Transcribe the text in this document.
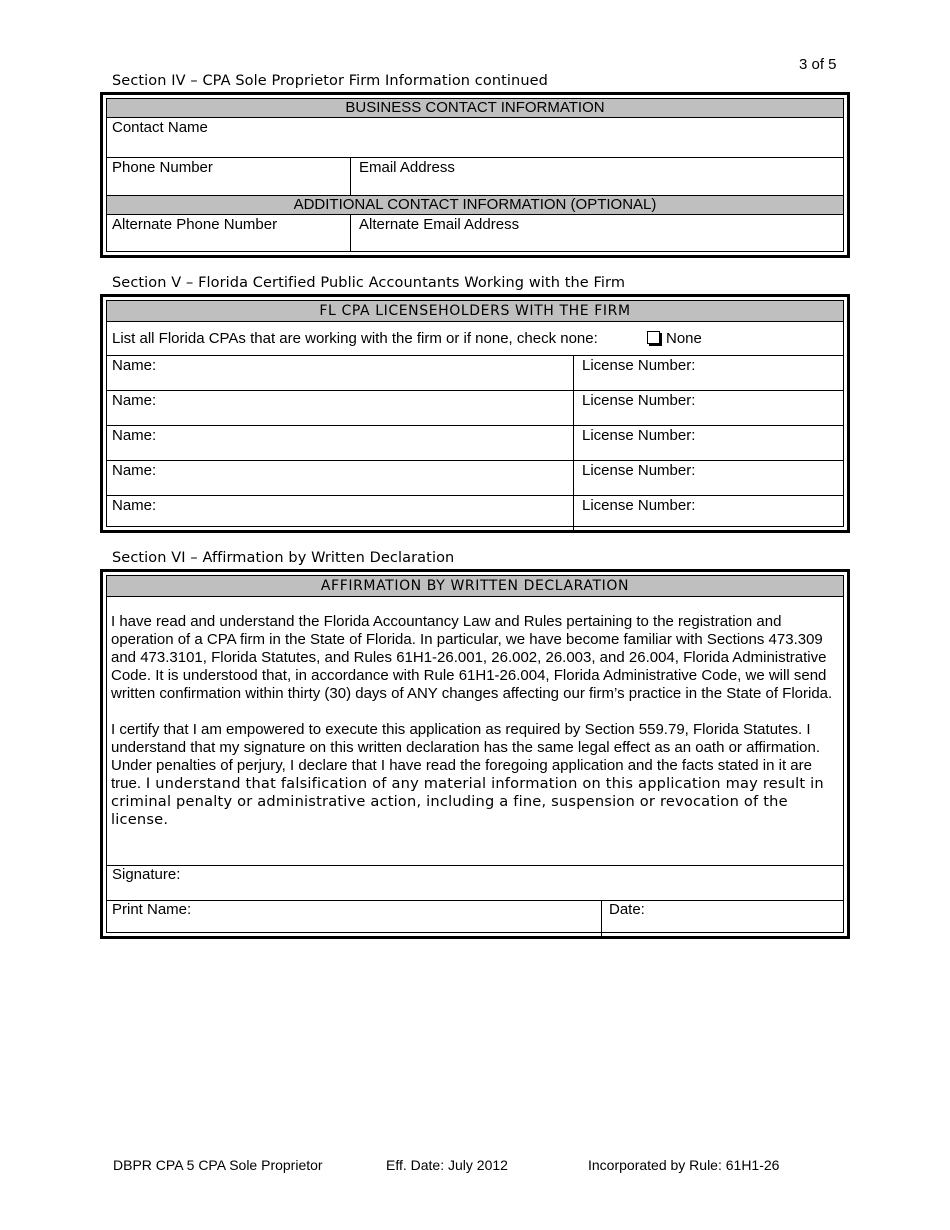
3 of 5
Section IV – CPA Sole Proprietor Firm Information continued
BUSINESS CONTACT INFORMATION
Contact Name
Phone Number	Email Address
ADDITIONAL CONTACT INFORMATION (OPTIONAL)
Alternate Phone Number	Alternate Email Address
Section V – Florida Certified Public Accountants Working with the Firm
FL CPA LICENSEHOLDERS WITH THE FIRM
List all Florida CPAs that are working with the firm or if none, check none:	None
Name:	License Number:
Name:	License Number:
Name:	License Number:
Name:	License Number:
Name:	License Number:
Section VI – Affirmation by Written Declaration
AFFIRMATION BY WRITTEN DECLARATION

I have read and understand the Florida Accountancy Law and Rules pertaining to the registration and operation of a CPA firm in the State of Florida. In particular, we have become familiar with Sections 473.309 and 473.3101, Florida Statutes, and Rules 61H1-26.001, 26.002, 26.003, and 26.004, Florida Administrative Code. It is understood that, in accordance with Rule 61H1-26.004, Florida Administrative Code, we will send written confirmation within thirty (30) days of ANY changes affecting our firm’s practice in the State of Florida.

I certify that I am empowered to execute this application as required by Section 559.79, Florida Statutes. I understand that my signature on this written declaration has the same legal effect as an oath or affirmation. Under penalties of perjury, I declare that I have read the foregoing application and the facts stated in it are true. I understand that falsification of any material information on this application may result in criminal penalty or administrative action, including a fine, suspension or revocation of the license.

Signature:
Print Name:	Date:
DBPR CPA 5 CPA Sole Proprietor	Eff. Date: July 2012	Incorporated by Rule: 61H1-26
